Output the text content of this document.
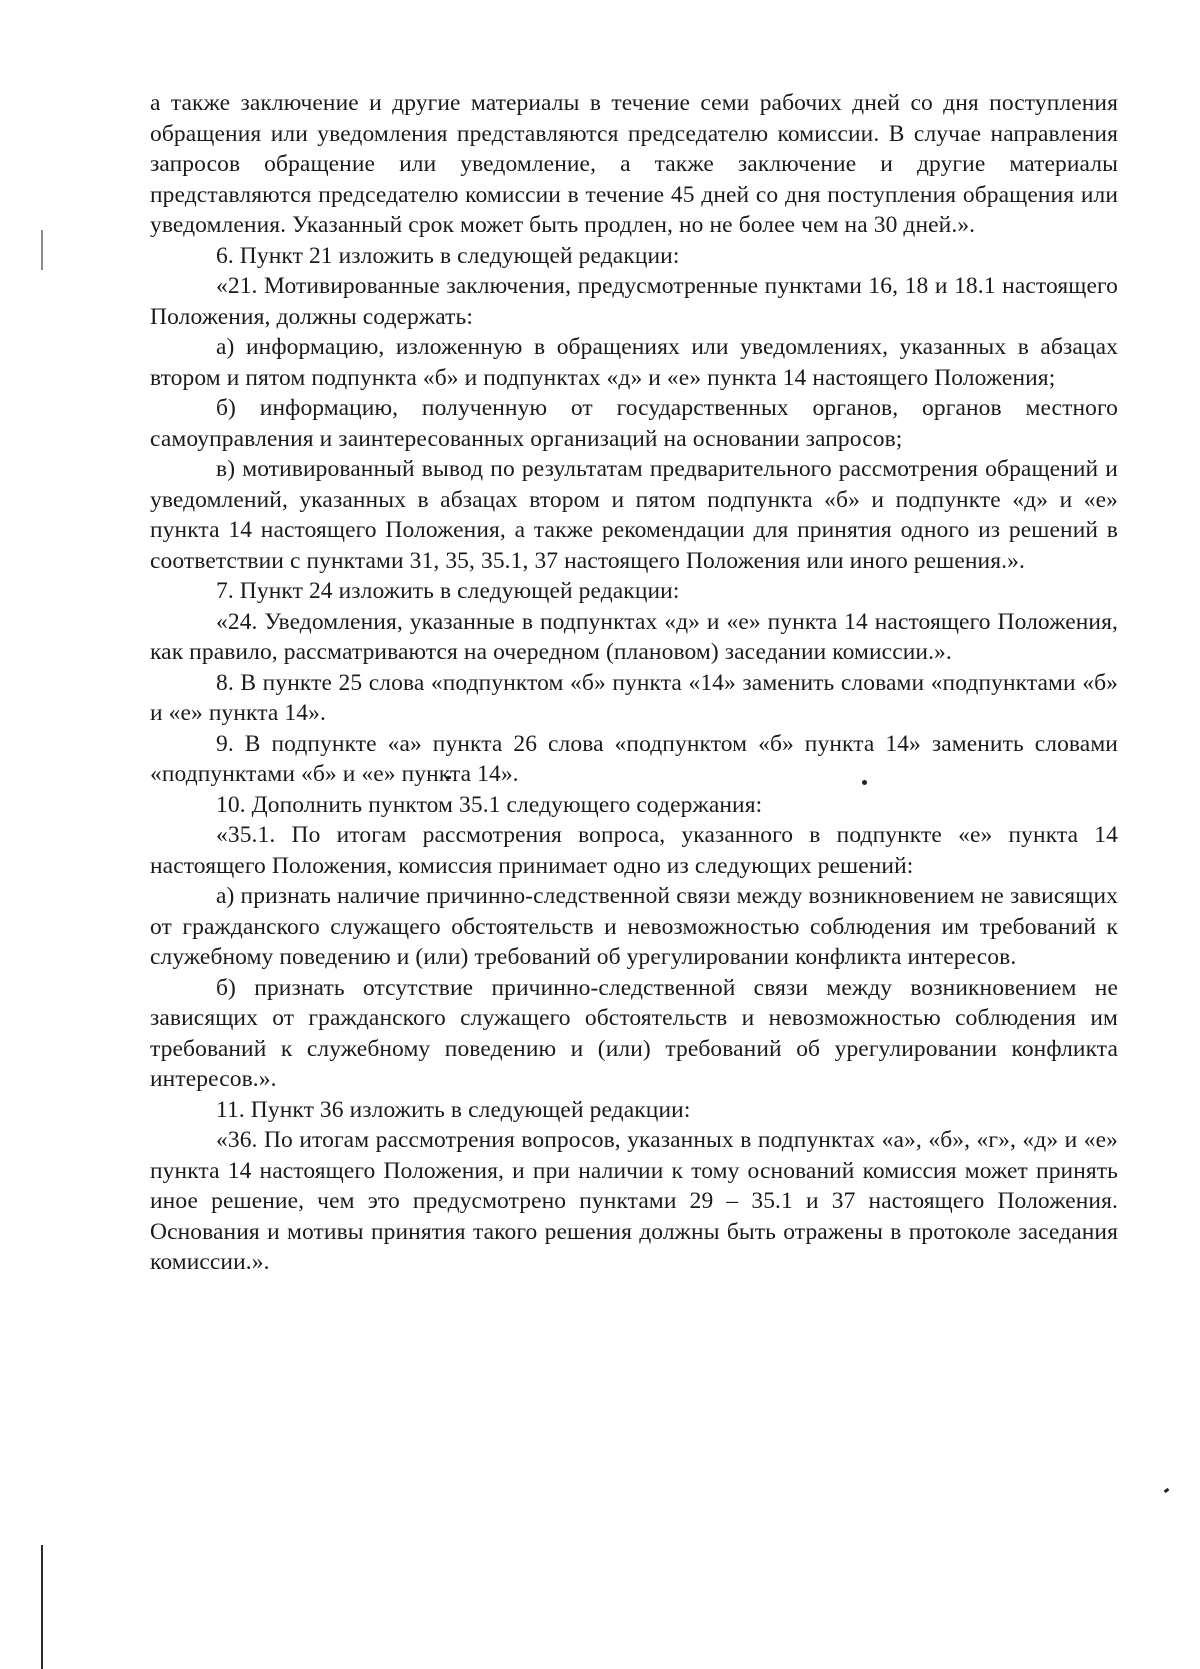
а также заключение и другие материалы в течение семи рабочих дней со дня поступления обращения или уведомления представляются председателю комиссии. В случае направления запросов обращение или уведомление, а также заключение и другие материалы представляются председателю комиссии в течение 45 дней со дня поступления обращения или уведомления. Указанный срок может быть продлен, но не более чем на 30 дней.».

6. Пункт 21 изложить в следующей редакции:

«21. Мотивированные заключения, предусмотренные пунктами 16, 18 и 18.1 настоящего Положения, должны содержать:

а) информацию, изложенную в обращениях или уведомлениях, указанных в абзацах втором и пятом подпункта «б» и подпунктах «д» и «е» пункта 14 настоящего Положения;

б) информацию, полученную от государственных органов, органов местного самоуправления и заинтересованных организаций на основании запросов;

в) мотивированный вывод по результатам предварительного рассмотрения обращений и уведомлений, указанных в абзацах втором и пятом подпункта «б» и подпункте «д» и «е» пункта 14 настоящего Положения, а также рекомендации для принятия одного из решений в соответствии с пунктами 31, 35, 35.1, 37 настоящего Положения или иного решения.».

7. Пункт 24 изложить в следующей редакции:

«24. Уведомления, указанные в подпунктах «д» и «е» пункта 14 настоящего Положения, как правило, рассматриваются на очередном (плановом) заседании комиссии.».

8. В пункте 25 слова «подпунктом «б» пункта «14» заменить словами «подпунктами «б» и «е» пункта 14».

9. В подпункте «а» пункта 26 слова «подпунктом «б» пункта 14» заменить словами «подпунктами «б» и «е» пункта 14».

10. Дополнить пунктом 35.1 следующего содержания:

«35.1. По итогам рассмотрения вопроса, указанного в подпункте «е» пункта 14 настоящего Положения, комиссия принимает одно из следующих решений:

а) признать наличие причинно-следственной связи между возникновением не зависящих от гражданского служащего обстоятельств и невозможностью соблюдения им требований к служебному поведению и (или) требований об урегулировании конфликта интересов.

б) признать отсутствие причинно-следственной связи между возникновением не зависящих от гражданского служащего обстоятельств и невозможностью соблюдения им требований к служебному поведению и (или) требований об урегулировании конфликта интересов.».

11. Пункт 36 изложить в следующей редакции:

«36. По итогам рассмотрения вопросов, указанных в подпунктах «а», «б», «г», «д» и «е» пункта 14 настоящего Положения, и при наличии к тому оснований комиссия может принять иное решение, чем это предусмотрено пунктами 29 – 35.1 и 37 настоящего Положения. Основания и мотивы принятия такого решения должны быть отражены в протоколе заседания комиссии.».
